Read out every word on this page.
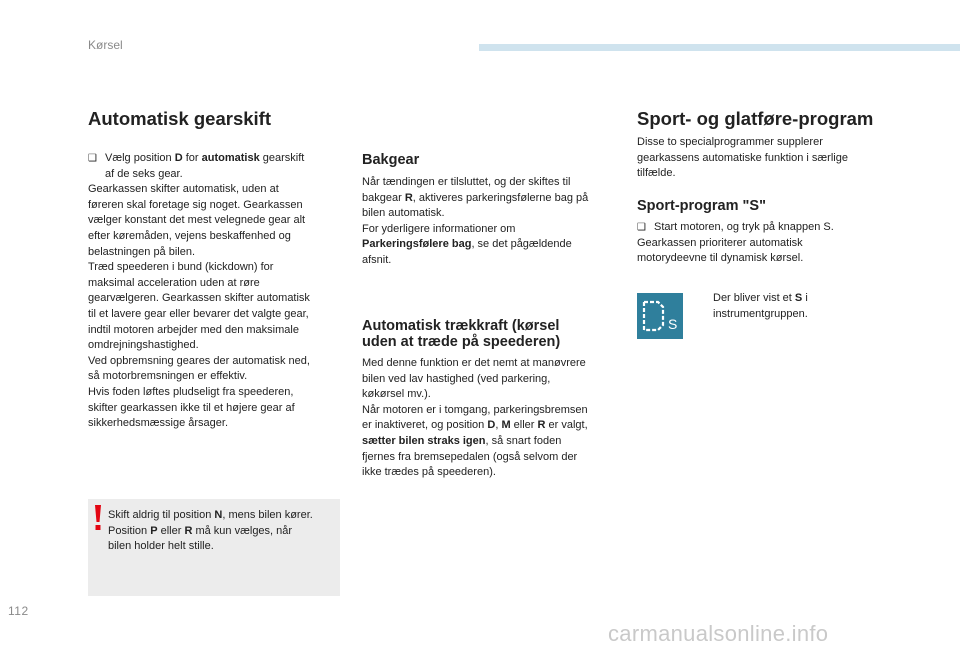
Kørsel
Automatisk gearskift
❑ Vælg position D for automatisk gearskift
af de seks gear.
Gearkassen skifter automatisk, uden at
føreren skal foretage sig noget. Gearkassen
vælger konstant det mest velegnede gear alt
efter køremåden, vejens beskaffenhed og
belastningen på bilen.
Træd speederen i bund (kickdown) for
maksimal acceleration uden at røre
gearvælgeren. Gearkassen skifter automatisk
til et lavere gear eller bevarer det valgte gear,
indtil motoren arbejder med den maksimale
omdrejningshastighed.
Ved opbremsning geares der automatisk ned,
så motorbremsningen er effektiv.
Hvis foden løftes pludseligt fra speederen,
skifter gearkassen ikke til et højere gear af
sikkerhedsmæssige årsager.
Skift aldrig til position N, mens bilen kører.
Position P eller R må kun vælges, når
bilen holder helt stille.
Bakgear
Når tændingen er tilsluttet, og der skiftes til
bakgear R, aktiveres parkeringsfølerne bag på
bilen automatisk.
For yderligere informationer om
Parkeringsfølere bag, se det pågældende
afsnit.
Automatisk trækkraft (kørsel
uden at træde på speederen)
Med denne funktion er det nemt at manøvrere
bilen ved lav hastighed (ved parkering,
køkørsel mv.).
Når motoren er i tomgang, parkeringsbremsen
er inaktiveret, og position D, M eller R er valgt,
sætter bilen straks igen, så snart foden
fjernes fra bremsepedalen (også selvom der
ikke trædes på speederen).
Sport- og glatføre-program
Disse to specialprogrammer supplerer
gearkassens automatiske funktion i særlige
tilfælde.
Sport-program "S"
❑ Start motoren, og tryk på knappen S.
Gearkassen prioriterer automatisk
motorydeevne til dynamisk kørsel.
S
Der bliver vist et S i
instrumentgruppen.
112
carmanualsonline.info
